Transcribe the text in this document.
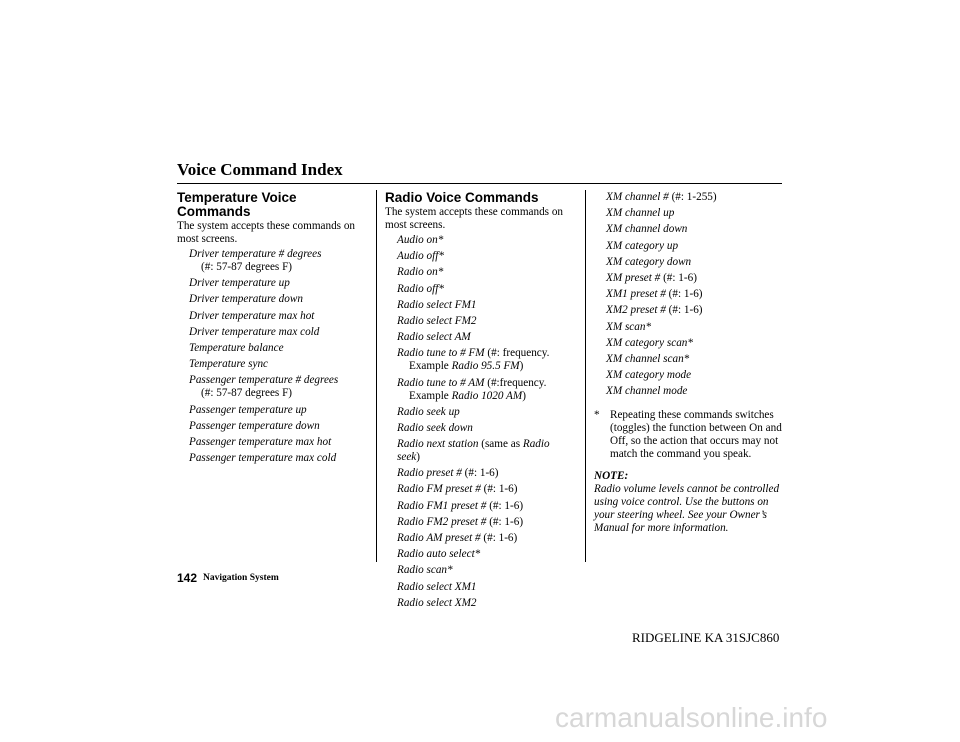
Voice Command Index
Temperature Voice Commands
The system accepts these commands on most screens.
Driver temperature # degrees
(#: 57-87 degrees F)
Driver temperature up
Driver temperature down
Driver temperature max hot
Driver temperature max cold
Temperature balance
Temperature sync
Passenger temperature # degrees
(#: 57-87 degrees F)
Passenger temperature up
Passenger temperature down
Passenger temperature max hot
Passenger temperature max cold
Radio Voice Commands
The system accepts these commands on most screens.
Audio on*
Audio off*
Radio on*
Radio off*
Radio select FM1
Radio select FM2
Radio select AM
Radio tune to # FM (#: frequency.
Example Radio 95.5 FM)
Radio tune to # AM (#:frequency.
Example Radio 1020 AM)
Radio seek up
Radio seek down
Radio next station (same as Radio seek)
Radio preset # (#: 1-6)
Radio FM preset # (#: 1-6)
Radio FM1 preset # (#: 1-6)
Radio FM2 preset # (#: 1-6)
Radio AM preset # (#: 1-6)
Radio auto select*
Radio scan*
Radio select XM1
Radio select XM2
XM channel # (#: 1-255)
XM channel up
XM channel down
XM category up
XM category down
XM preset # (#: 1-6)
XM1 preset # (#: 1-6)
XM2 preset # (#: 1-6)
XM scan*
XM category scan*
XM channel scan*
XM category mode
XM channel mode
* Repeating these commands switches (toggles) the function between On and Off, so the action that occurs may not match the command you speak.
NOTE:
Radio volume levels cannot be controlled using voice control. Use the buttons on your steering wheel. See your Owner’s Manual for more information.
142 Navigation System
RIDGELINE KA 31SJC860
carmanualsonline.info
